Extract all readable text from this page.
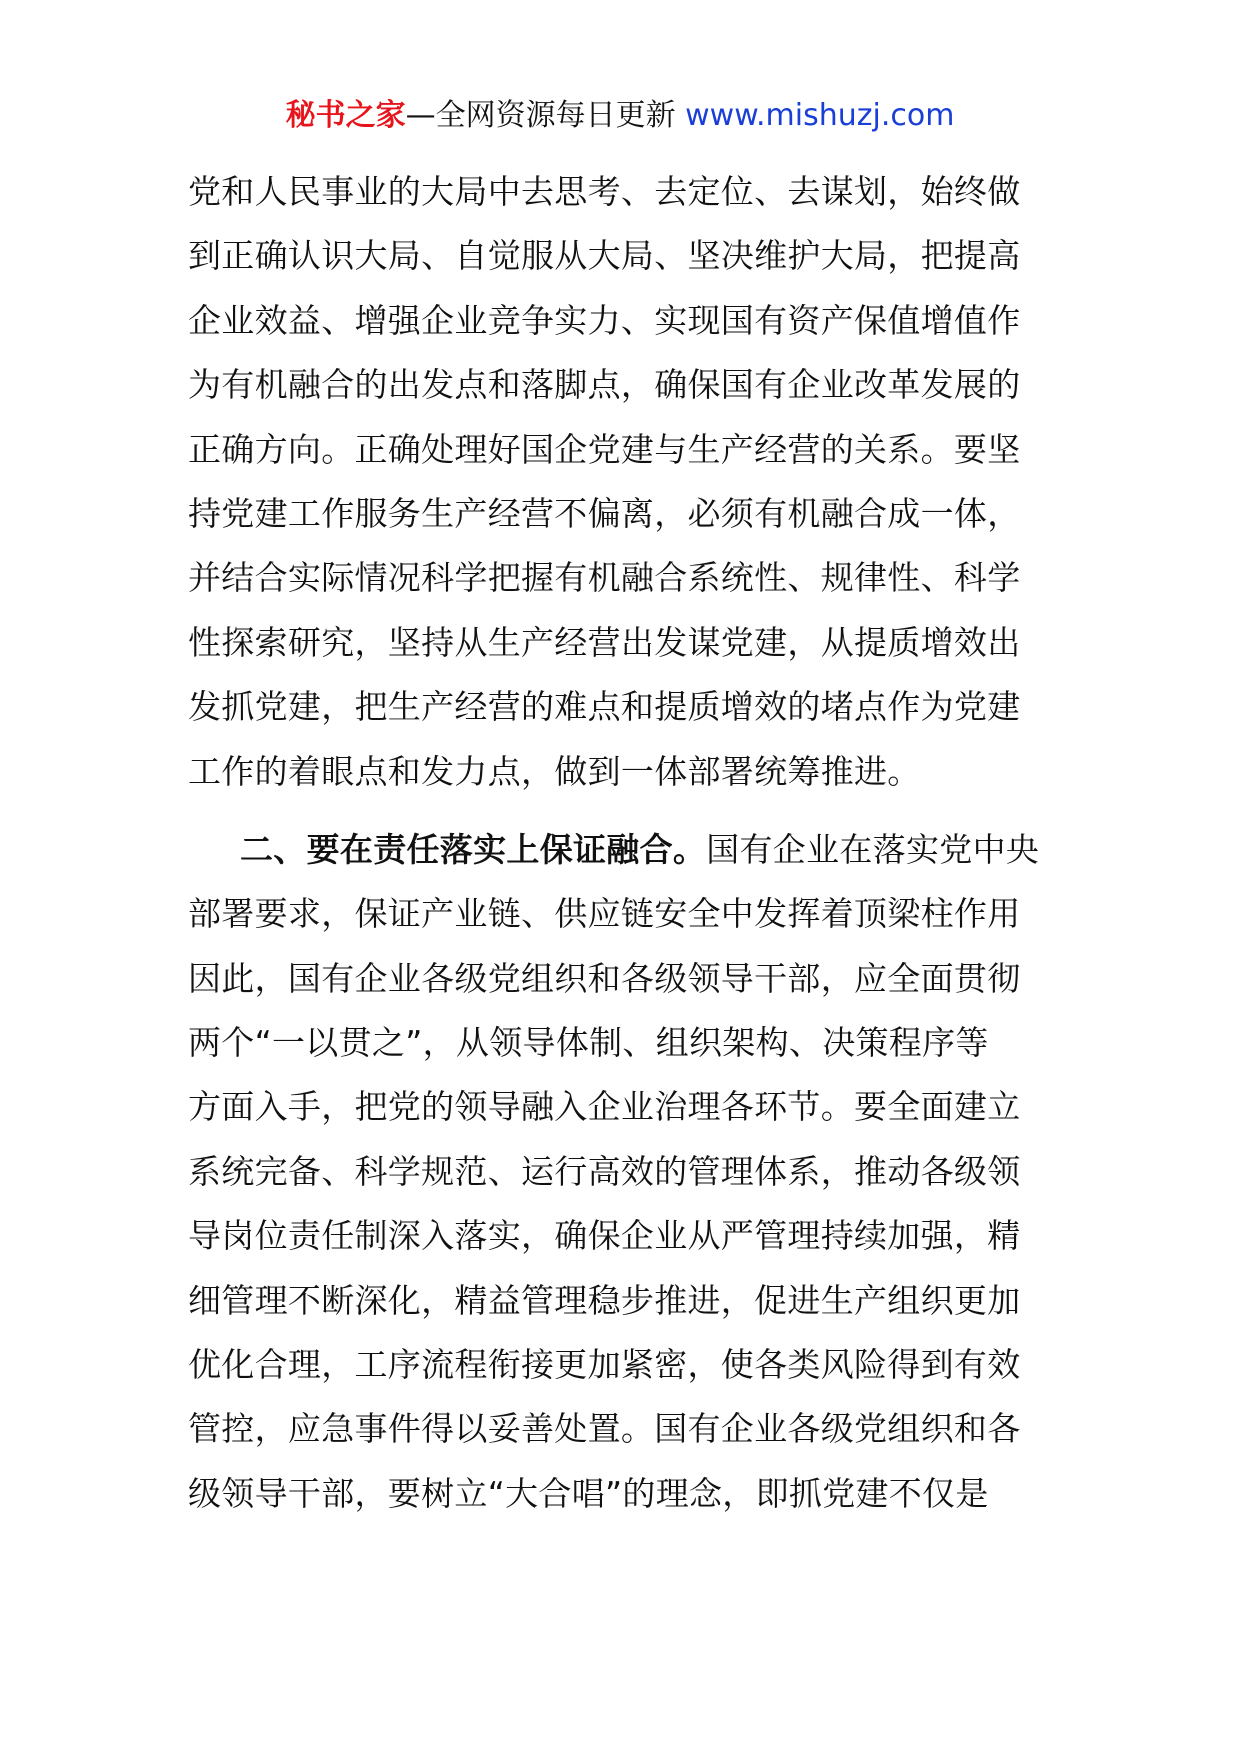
秘书之家—全网资源每日更新 www.mishuzj.com
党和人民事业的大局中去思考、去定位、去谋划，始终做
到正确认识大局、自觉服从大局、坚决维护大局，把提高
企业效益、增强企业竞争实力、实现国有资产保值增值作
为有机融合的出发点和落脚点，确保国有企业改革发展的
正确方向。正确处理好国企党建与生产经营的关系。要坚
持党建工作服务生产经营不偏离，必须有机融合成一体，
并结合实际情况科学把握有机融合系统性、规律性、科学
性探索研究，坚持从生产经营出发谋党建，从提质增效出
发抓党建，把生产经营的难点和提质增效的堵点作为党建
工作的着眼点和发力点，做到一体部署统筹推进。
二、要在责任落实上保证融合。国有企业在落实党中央
部署要求，保证产业链、供应链安全中发挥着顶梁柱作用
因此，国有企业各级党组织和各级领导干部，应全面贯彻
两个“一以贯之”，从领导体制、组织架构、决策程序等
方面入手，把党的领导融入企业治理各环节。要全面建立
系统完备、科学规范、运行高效的管理体系，推动各级领
导岗位责任制深入落实，确保企业从严管理持续加强，精
细管理不断深化，精益管理稳步推进，促进生产组织更加
优化合理，工序流程衔接更加紧密，使各类风险得到有效
管控，应急事件得以妥善处置。国有企业各级党组织和各
级领导干部，要树立“大合唱”的理念，即抓党建不仅是
